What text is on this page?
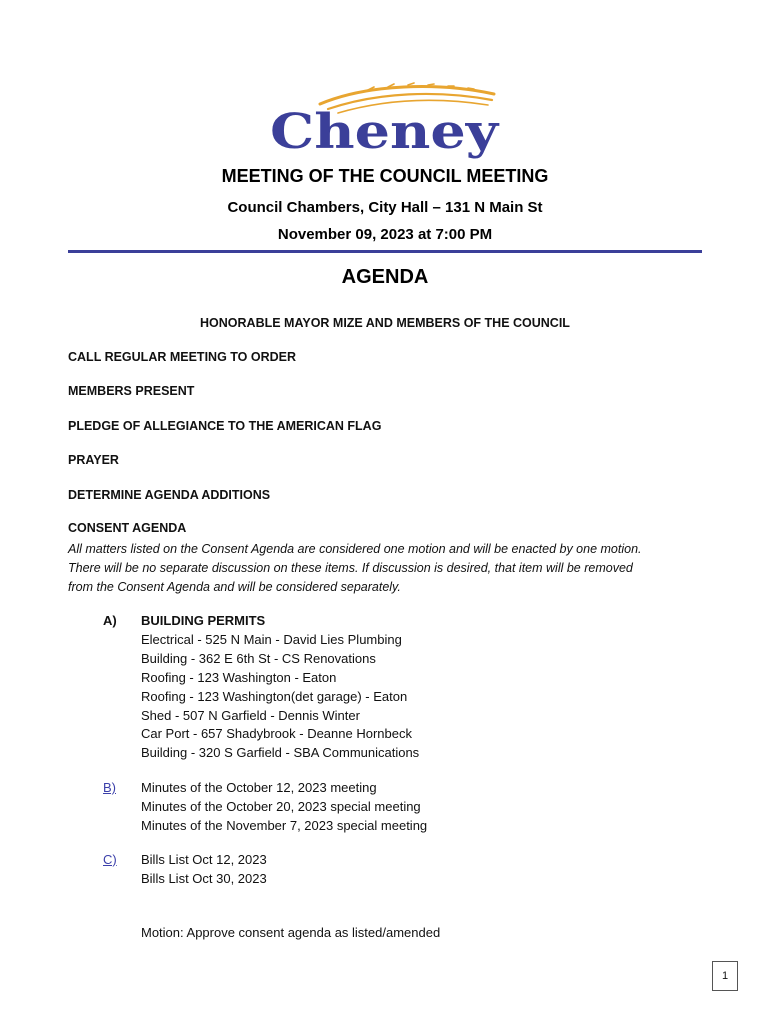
Cheney
MEETING OF THE COUNCIL MEETING
Council Chambers, City Hall – 131 N Main St
November 09, 2023 at 7:00 PM
AGENDA
HONORABLE MAYOR MIZE AND MEMBERS OF THE COUNCIL
CALL REGULAR MEETING TO ORDER
MEMBERS PRESENT
PLEDGE OF ALLEGIANCE TO THE AMERICAN FLAG
PRAYER
DETERMINE AGENDA ADDITIONS
CONSENT AGENDA
All matters listed on the Consent Agenda are considered one motion and will be enacted by one motion.
There will be no separate discussion on these items. If discussion is desired, that item will be removed
from the Consent Agenda and will be considered separately.
A) BUILDING PERMITS
Electrical - 525 N Main - David Lies Plumbing
Building - 362 E 6th St - CS Renovations
Roofing - 123 Washington - Eaton
Roofing - 123 Washington(det garage) - Eaton
Shed - 507 N Garfield - Dennis Winter
Car Port - 657 Shadybrook - Deanne Hornbeck
Building - 320 S Garfield - SBA Communications
B) Minutes of the October 12, 2023 meeting
Minutes of the October 20, 2023 special meeting
Minutes of the November 7, 2023 special meeting
C) Bills List Oct 12, 2023
Bills List Oct 30, 2023
Motion: Approve consent agenda as listed/amended
1
